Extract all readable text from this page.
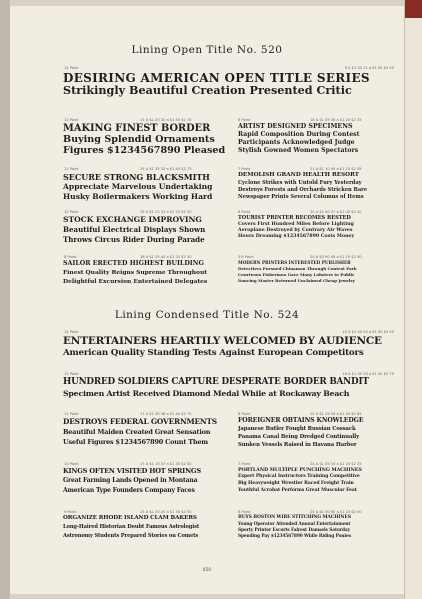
Lining Open Title No. 520
14 Point	9 A $1 35 21 a $1 65 $3 00
DESIRING AMERICAN OPEN TITLE SERIES
Strikingly Beautiful Creation Presented Critic
12 Point	11 A $1 25 32 a $1 50 $2 75
MAKING FINEST BORDER
Buying Splendid Ornaments
Figures $1234567890 Pleased
11 Point	15 A $1 35 32 a $1 45 $2 75
SECURE STRONG BLACKSMITH
Appreciate Marvelous Undertaking
Husky Boilermakers Working Hard
10 Point	15 A $1 25 33 a $1 25 $2 50
STOCK EXCHANGE IMPROVING
Beautiful Electrical Displays Shown
Throws Circus Rider During Parade
8 Point	18 A $1 25 40 a $1 25 $2 50
SAILOR ERECTED HIGHEST BUILDING
Finest Quality Reigns Supreme Throughout
Delightful Excursion Entertained Delegates
6 Point	16 A $1 05 38 a $1 20 $2 25
ARTIST DESIGNED SPECIMENS
Rapid Composition During Contest
Participants Acknowledged Judge
Stylish Gowned Women Spectators
7 Point	21 A $1 10 44 a $1 25 $2 35
DEMOLISH GRAND HEALTH RESORT
Cyclone Strikes with Untold Fury Yesterday
Destroys Forests and Orchards Stricken Bare
Newspaper Prints Several Columns of Items
6 Point	20 A $1 00 47 a $1 00 $2 00
TOURIST PRINTER BECOMES RESTED
Covers First Hundred Miles Before Lighting
Aeroplane Destroyed by Contrary Air Waves
Hours Dreaming $1234567890 Costs Money
5½ Point	20 A $0 90 49 a $1 10 $2 00
MODERN PRINTERS INTERESTED PUBLISHER
Detectives Pursued Chinaman Through Contest Park
Courteous Fishermen Gave Many Lobsters to Public
Dancing Master Returned Unclaimed Cheap Jewelry
Lining Condensed Title No. 524
14 Point	15 A $1 40 29 a $1 60 $3 00
ENTERTAINERS HEARTILY WELCOMED BY AUDIENCE
American Quality Standing Tests Against European Competitors
12 Point	16 A $1 35 33 a $1 40 $2 75
HUNDRED SOLDIERS CAPTURE DESPERATE BORDER BANDIT
Specimen Artist Received Diamond Medal While at Rockaway Beach
11 Point	17 A $1 35 36 a $1 40 $2 75
DESTROYS FEDERAL GOVERNMENTS
Beautiful Maiden Created Great Sensation
Useful Figures $1234567890 Count Them
10 Point	17 A $1 15 37 a $1 35 $2 50
KINGS OFTEN VISITED HOT SPRINGS
Great Farming Lands Opened in Montana
American Type Founders Company Faces
9 Point	25 A $1 20 45 a $1 30 $2 50
ORGANIZE RHODE ISLAND CLAM BAKERS
Long-Haired Historian Doubt Famous Astrologist
Astronomy Students Prepared Stories on Comets
8 Point	25 A $1 25 54 a $1 40 $2 65
FOREIGNER OBTAINS KNOWLEDGE
Japanese Butler Fought Russian Cossack
Panama Canal Being Dredged Continually
Sunken Vessels Raised in Havana Harbor
7 Point	24 A $1 05 54 a $1 20 $2 25
PORTLAND MULTIPLE PUNCHING MACHINES
Expert Physical Instructors Training Competitive
Big Heavyweight Wrestler Raced Freight Train
Youthful Acrobat Performs Great Muscular Feat
6 Point	25 A $1 00 60 a $1 10 $2 00
BUYS BOSTON WIRE STITCHING MACHINES
Young Operator Attended Annual Entertainment
Sporty Printer Escorts Fairest Damsels Saturday
Spending Pay $1234567890 While Riding Ponies
650
